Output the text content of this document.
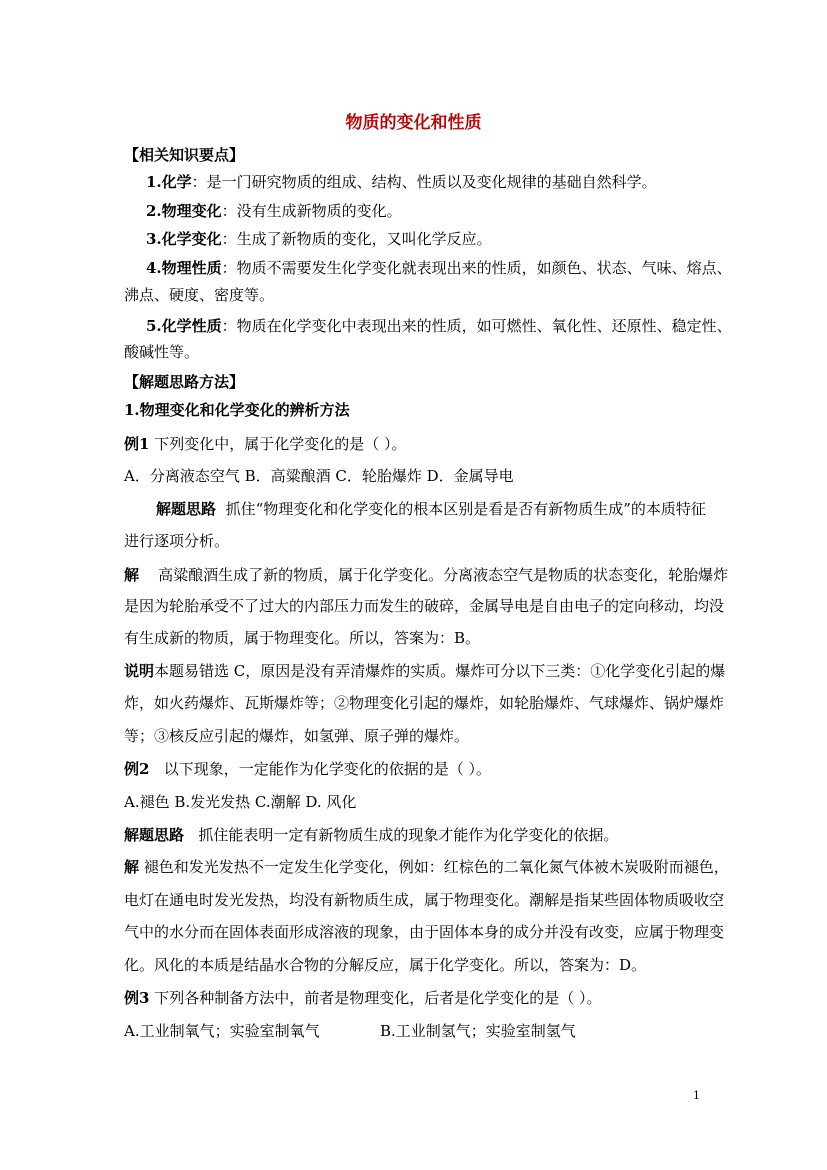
物质的变化和性质
【相关知识要点】
1.化学：是一门研究物质的组成、结构、性质以及变化规律的基础自然科学。
2.物理变化：没有生成新物质的变化。
3.化学变化：生成了新物质的变化，又叫化学反应。
4.物理性质：物质不需要发生化学变化就表现出来的性质，如颜色、状态、气味、熔点、
沸点、硬度、密度等。
5.化学性质：物质在化学变化中表现出来的性质，如可燃性、氧化性、还原性、稳定性、
酸碱性等。
【解题思路方法】
1.物理变化和化学变化的辨析方法
例1 下列变化中，属于化学变化的是（ ）。
A．分离液态空气 B．高粱酿酒 C．轮胎爆炸 D．金属导电
解题思路 抓住“物理变化和化学变化的根本区别是看是否有新物质生成”的本质特征
进行逐项分析。
解 高粱酿酒生成了新的物质，属于化学变化。分离液态空气是物质的状态变化，轮胎爆炸
是因为轮胎承受不了过大的内部压力而发生的破碎，金属导电是自由电子的定向移动，均没
有生成新的物质，属于物理变化。所以，答案为：B。
说明本题易错选 C，原因是没有弄清爆炸的实质。爆炸可分以下三类：①化学变化引起的爆
炸，如火药爆炸、瓦斯爆炸等；②物理变化引起的爆炸，如轮胎爆炸、气球爆炸、锅炉爆炸
等；③核反应引起的爆炸，如氢弹、原子弹的爆炸。
例2 以下现象，一定能作为化学变化的依据的是（ ）。
A.褪色 B.发光发热 C.潮解 D. 风化
解题思路 抓住能表明一定有新物质生成的现象才能作为化学变化的依据。
解 褪色和发光发热不一定发生化学变化，例如：红棕色的二氧化氮气体被木炭吸附而褪色，
电灯在通电时发光发热，均没有新物质生成，属于物理变化。潮解是指某些固体物质吸收空
气中的水分而在固体表面形成溶液的现象，由于固体本身的成分并没有改变，应属于物理变
化。风化的本质是结晶水合物的分解反应，属于化学变化。所以，答案为：D。
例3 下列各种制备方法中，前者是物理变化，后者是化学变化的是（ ）。
A.工业制氧气；实验室制氧气	B.工业制氢气；实验室制氢气
1
